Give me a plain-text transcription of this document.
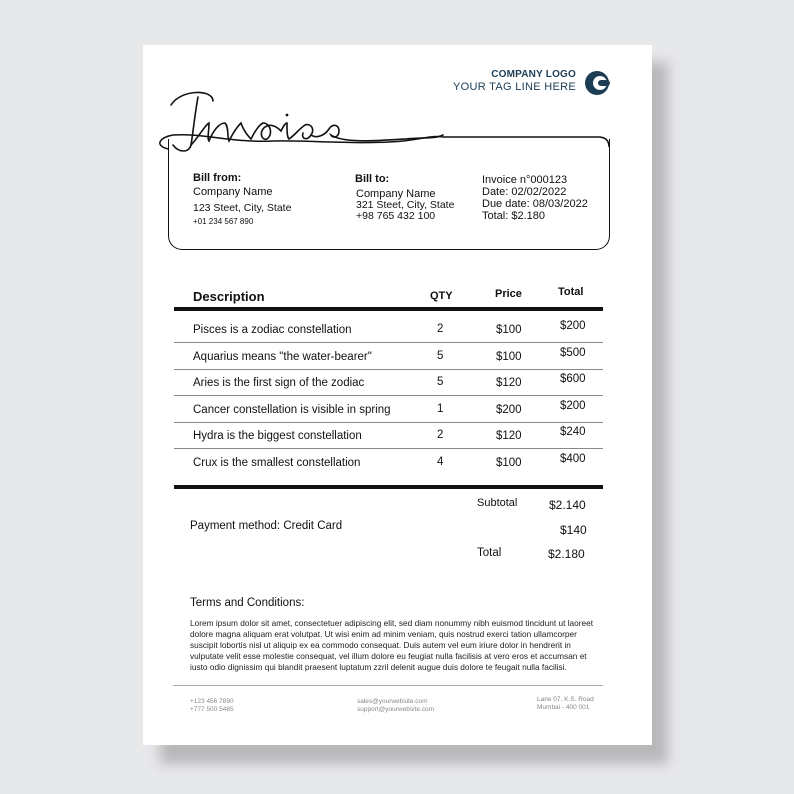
COMPANY LOGO
YOUR TAG LINE HERE
Bill from:
Company Name
123 Steet, City, State
+01 234 567 890
Bill to:
Company Name
321 Steet, City, State
+98 765 432 100
Invoice n°000123
Date: 02/02/2022
Due date: 08/03/2022
Total: $2.180
Description	QTY	Price	Total
Pisces is a zodiac constellation	2	$100	$200
Aquarius means "the water-bearer"	5	$100	$500
Aries is the first sign of the zodiac	5	$120	$600
Cancer constellation is visible in spring	1	$200	$200
Hydra is the biggest constellation	2	$120	$240
Crux is the smallest constellation	4	$100	$400
Subtotal	$2.140
Payment method: Credit Card	$140
Total	$2.180
Terms and Conditions:
Lorem ipsum dolor sit amet, consectetuer adipiscing elit, sed diam nonummy nibh euismod tincidunt ut laoreet dolore magna aliquam erat volutpat. Ut wisi enim ad minim veniam, quis nostrud exerci tation ullamcorper suscipit lobortis nisl ut aliquip ex ea commodo consequat. Duis autem vel eum iriure dolor in hendrerit in vulputate velit esse molestie consequat, vel illum dolore eu feugiat nulla facilisis at vero eros et accumsan et iusto odio dignissim qui blandit praesent luptatum zzril delenit augue duis dolore te feugait nulla facilisi.
+123 456 7890
+777 500 5485
sales@yourwebsite.com
support@yourwebsite.com
Lane 07, K.S. Road
Mumbai - 400 001
